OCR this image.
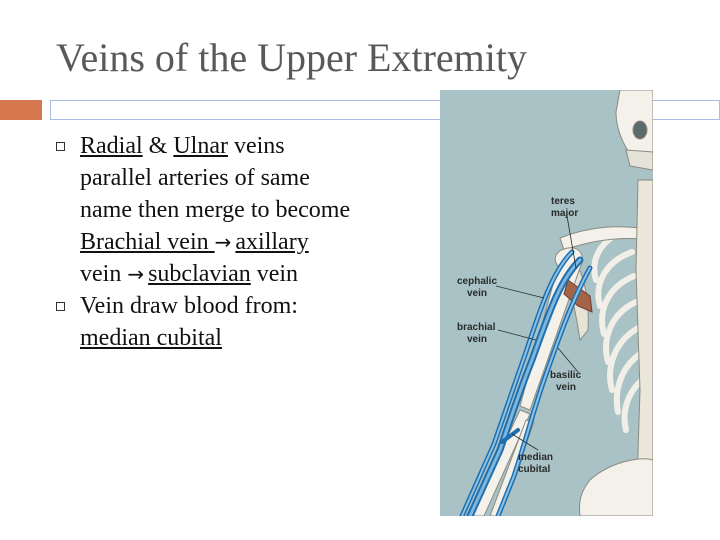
Veins of the Upper Extremity
Radial & Ulnar veins parallel arteries of same name then merge to become Brachial vein → axillary vein → subclavian vein
Vein draw blood from: median cubital
teres
major
cephalic
vein
brachial
vein
basilic
vein
median
cubital
